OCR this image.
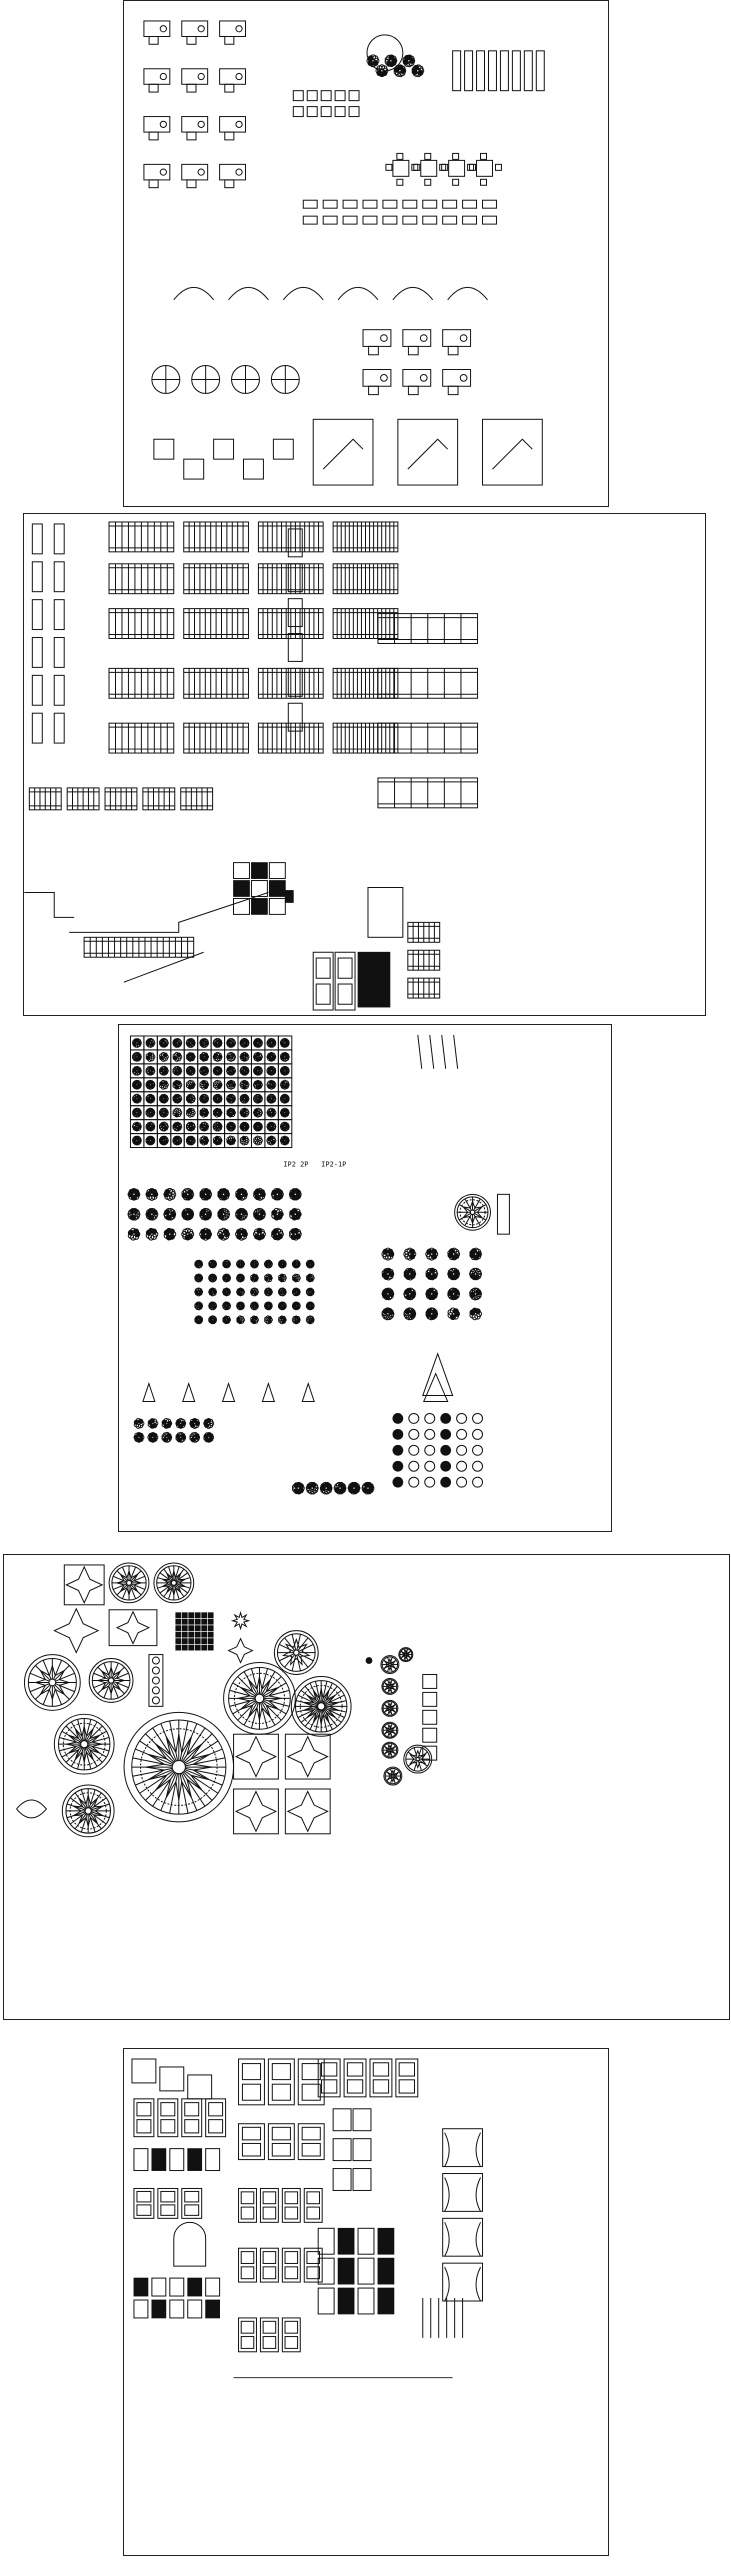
IP2 2P IP2-1P
